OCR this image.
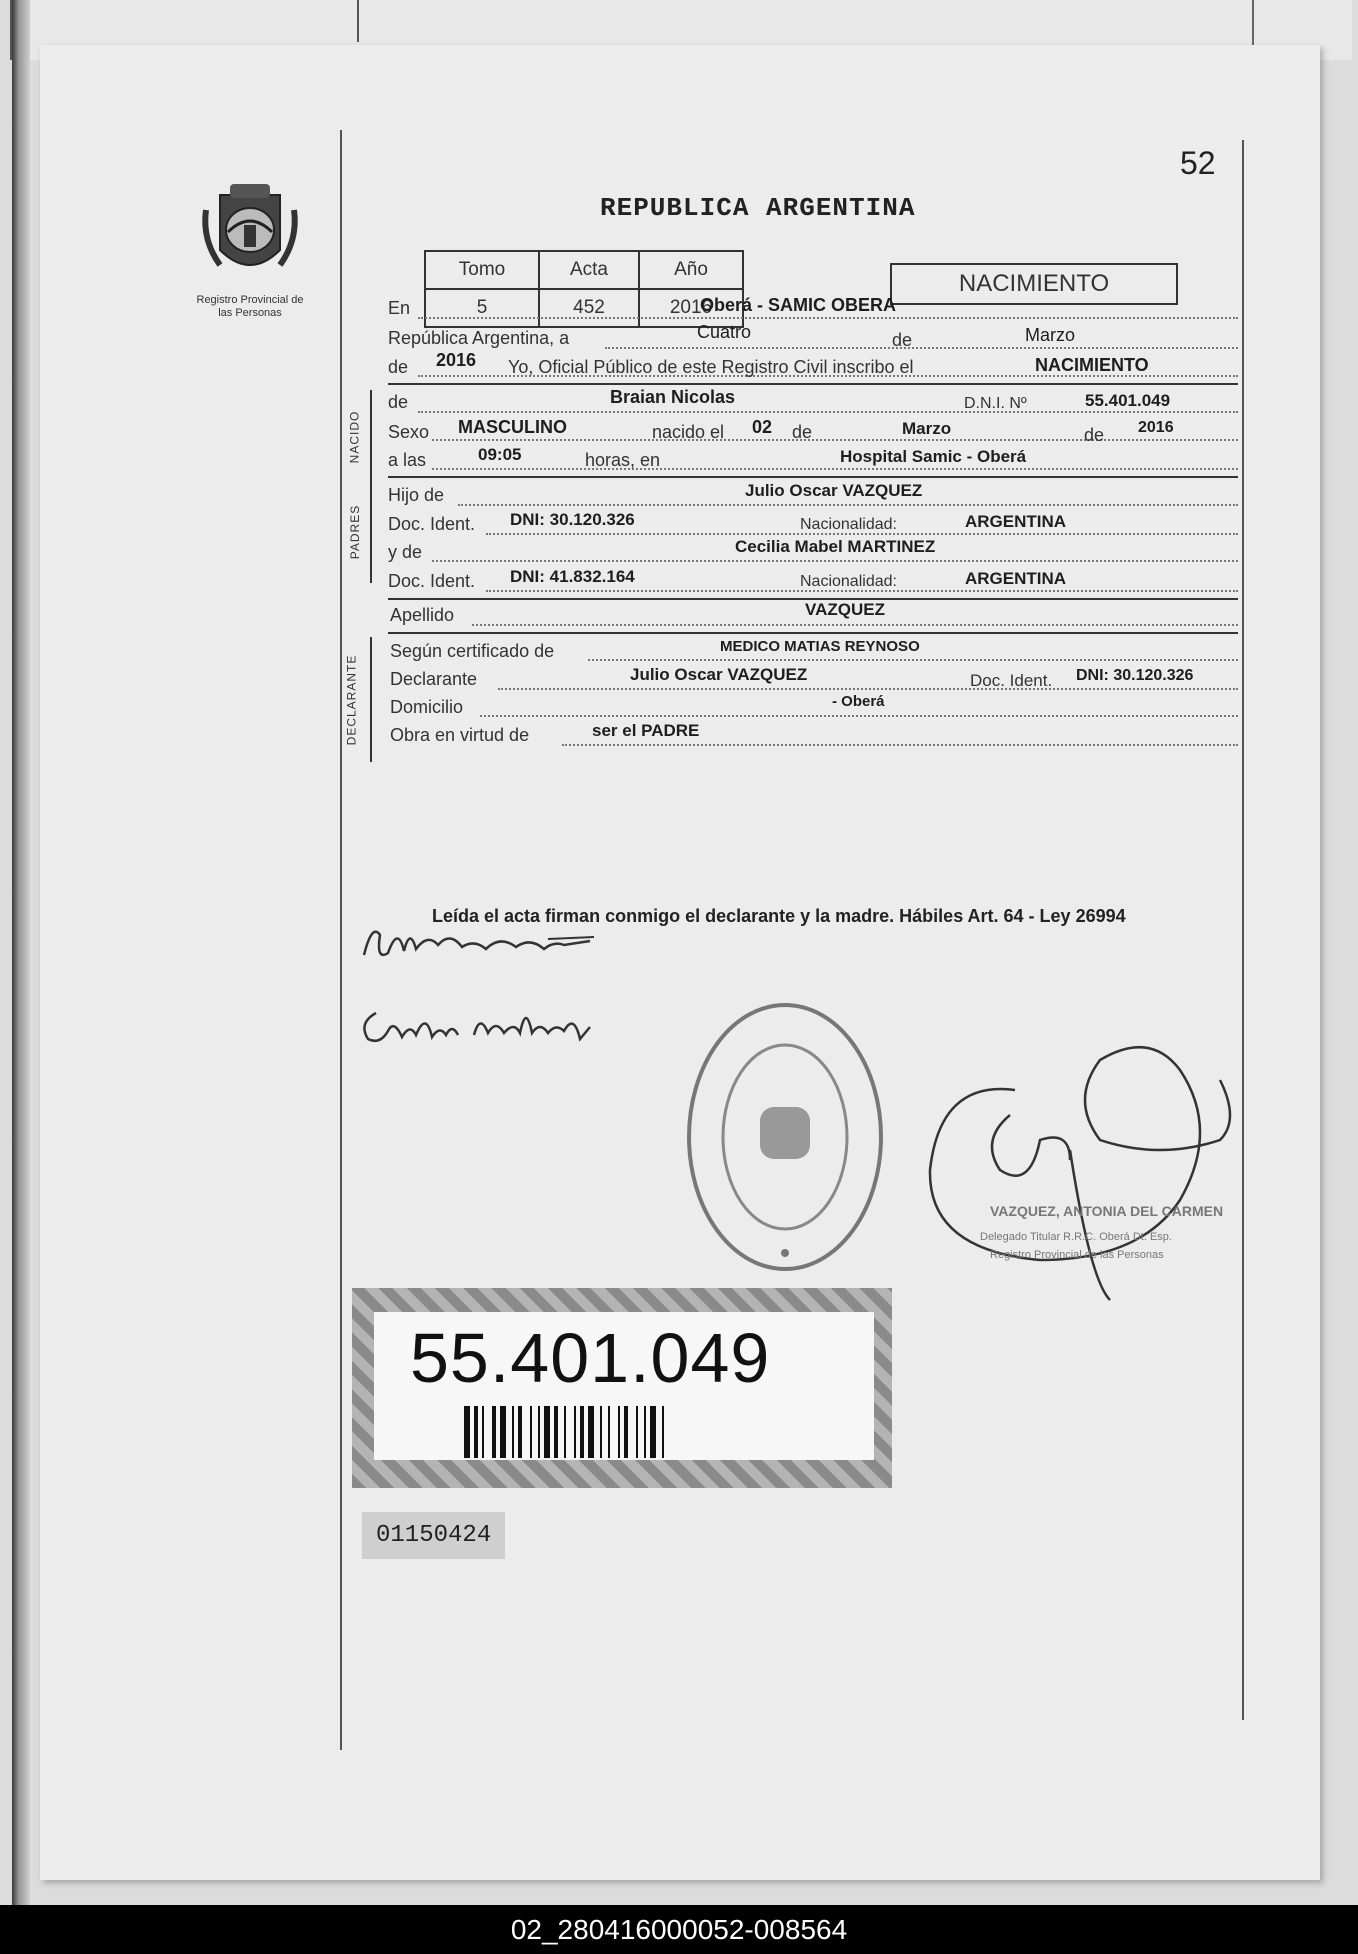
Registro Provincial de las Personas
52
REPUBLICA ARGENTINA
Tomo	Acta	Año
5	452	2016
NACIMIENTO
En	Oberá - SAMIC OBERA
República Argentina, a	Cuatro	de	Marzo
de 2016 Yo, Oficial Público de este Registro Civil inscribo el	NACIMIENTO
NACIDO
de	Braian Nicolas	D.N.I. Nº	55.401.049
Sexo MASCULINO	nacido el 02 de	Marzo	de 2016
a las	09:05	horas, en	Hospital Samic - Oberá
PADRES
Hijo de	Julio Oscar VAZQUEZ
Doc. Ident. DNI: 30.120.326	Nacionalidad:	ARGENTINA
y de	Cecilia Mabel MARTINEZ
Doc. Ident. DNI: 41.832.164	Nacionalidad:	ARGENTINA
Apellido	VAZQUEZ
DECLARANTE
Según certificado de	MEDICO MATIAS REYNOSO
Declarante	Julio Oscar VAZQUEZ	Doc. Ident. DNI: 30.120.326
Domicilio	- Oberá
Obra en virtud de	ser el PADRE
Leída el acta firman conmigo el declarante y la madre. Hábiles Art. 64 - Ley 26994
VAZQUEZ, ANTONIA DEL CARMEN
Delegado Titular R.R.C. Oberá Dt. Esp.
Registro Provincial de las Personas
55.401.049
01150424
02_280416000052-008564
